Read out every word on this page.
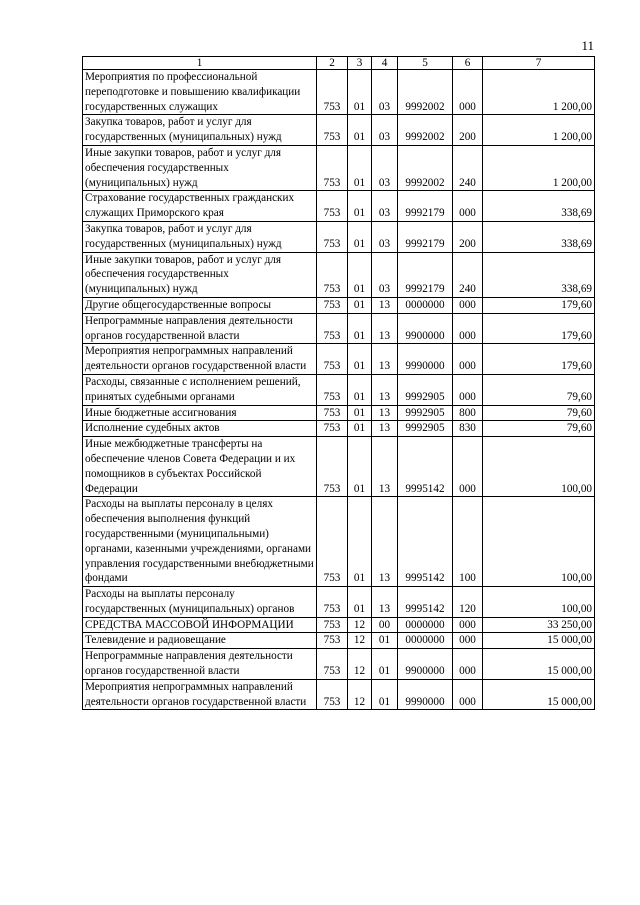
11
1	2	3	4	5	6	7
Мероприятия по профессиональной переподготовке и повышению квалификации государственных служащих	753	01	03	9992002	000	1 200,00
Закупка товаров, работ и услуг для государственных (муниципальных) нужд	753	01	03	9992002	200	1 200,00
Иные закупки товаров, работ и услуг для обеспечения государственных (муниципальных) нужд	753	01	03	9992002	240	1 200,00
Страхование государственных гражданских служащих Приморского края	753	01	03	9992179	000	338,69
Закупка товаров, работ и услуг для государственных (муниципальных) нужд	753	01	03	9992179	200	338,69
Иные закупки товаров, работ и услуг для обеспечения государственных (муниципальных) нужд	753	01	03	9992179	240	338,69
Другие общегосударственные вопросы	753	01	13	0000000	000	179,60
Непрограммные направления деятельности органов государственной власти	753	01	13	9900000	000	179,60
Мероприятия непрограммных направлений деятельности органов государственной власти	753	01	13	9990000	000	179,60
Расходы, связанные с исполнением решений, принятых судебными органами	753	01	13	9992905	000	79,60
Иные бюджетные ассигнования	753	01	13	9992905	800	79,60
Исполнение судебных актов	753	01	13	9992905	830	79,60
Иные межбюджетные трансферты на обеспечение членов Совета Федерации и их помощников в субъектах Российской Федерации	753	01	13	9995142	000	100,00
Расходы на выплаты персоналу в целях обеспечения выполнения функций государственными (муниципальными) органами, казенными учреждениями, органами управления государственными внебюджетными фондами	753	01	13	9995142	100	100,00
Расходы на выплаты персоналу государственных (муниципальных) органов	753	01	13	9995142	120	100,00
СРЕДСТВА МАССОВОЙ ИНФОРМАЦИИ	753	12	00	0000000	000	33 250,00
Телевидение и радиовещание	753	12	01	0000000	000	15 000,00
Непрограммные направления деятельности органов государственной власти	753	12	01	9900000	000	15 000,00
Мероприятия непрограммных направлений деятельности органов государственной власти	753	12	01	9990000	000	15 000,00
